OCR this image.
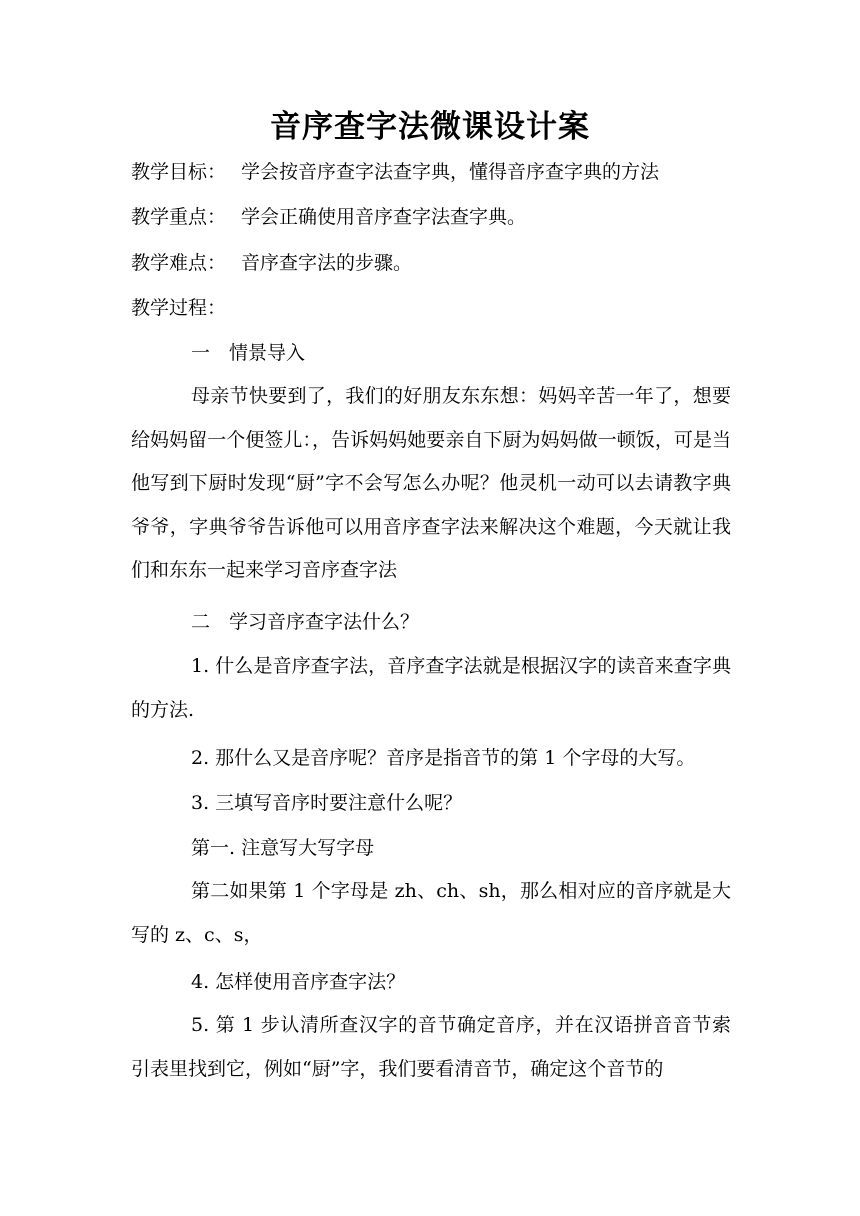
音序查字法微课设计案
教学目标： 学会按音序查字法查字典，懂得音序查字典的方法
教学重点： 学会正确使用音序查字法查字典。
教学难点： 音序查字法的步骤。
教学过程：
一　情景导入
母亲节快要到了，我们的好朋友东东想：妈妈辛苦一年了，想要给妈妈留一个便签儿：，告诉妈妈她要亲自下厨为妈妈做一顿饭，可是当他写到下厨时发现“厨”字不会写怎么办呢？他灵机一动可以去请教字典爷爷，字典爷爷告诉他可以用音序查字法来解决这个难题，今天就让我们和东东一起来学习音序查字法
二　学习音序查字法什么？
1. 什么是音序查字法，音序查字法就是根据汉字的读音来查字典的方法.
2. 那什么又是音序呢？音序是指音节的第 1 个字母的大写。
3. 三填写音序时要注意什么呢？
第一. 注意写大写字母
第二如果第 1 个字母是 zh、ch、sh，那么相对应的音序就是大写的 z、c、s，
4. 怎样使用音序查字法？
5. 第 1 步认清所查汉字的音节确定音序，并在汉语拼音音节索引表里找到它，例如“厨”字，我们要看清音节，确定这个音节的
